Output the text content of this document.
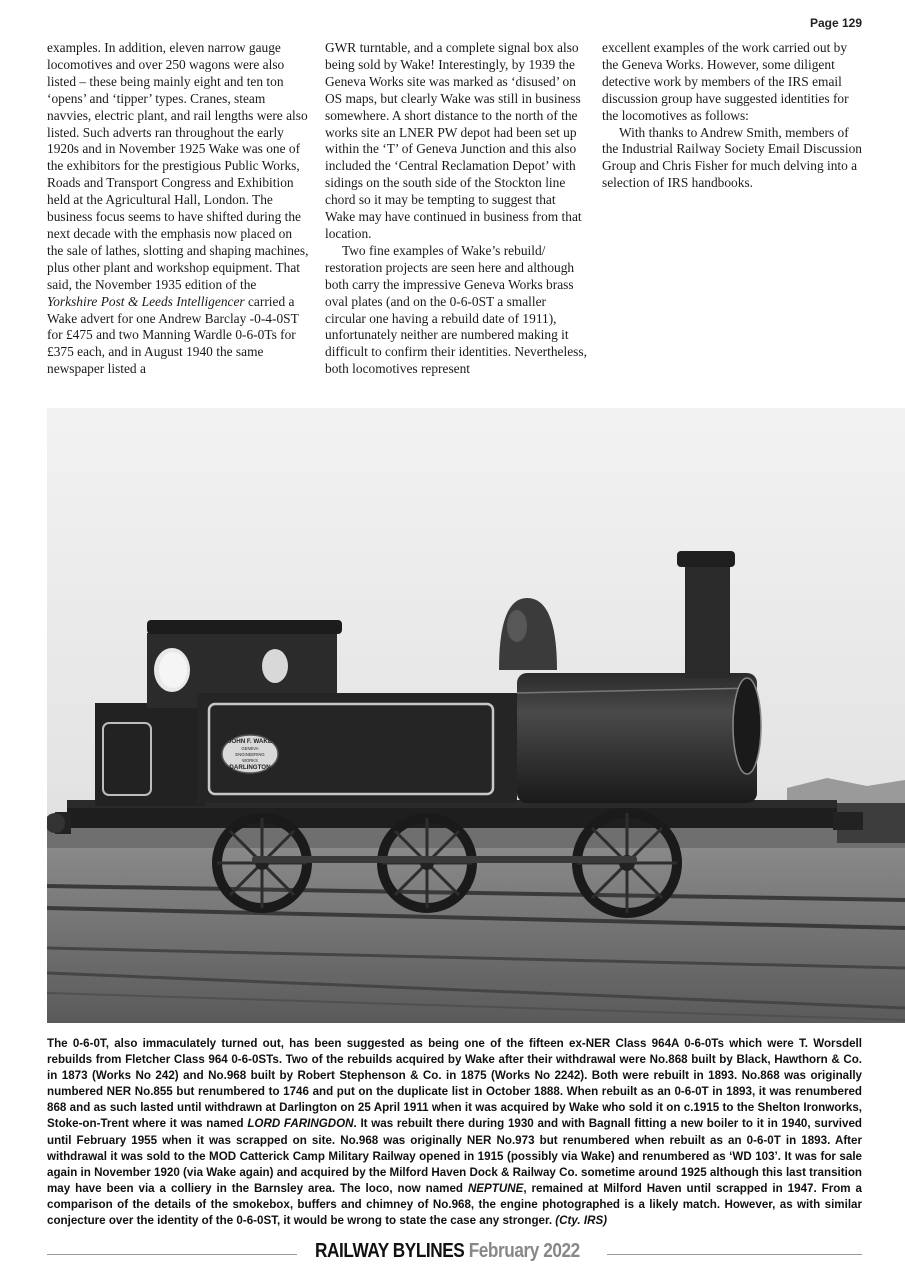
Page 129

examples. In addition, eleven narrow gauge locomotives and over 250 wagons were also listed – these being mainly eight and ten ton ‘opens’ and ‘tipper’ types. Cranes, steam navvies, electric plant, and rail lengths were also listed. Such adverts ran throughout the early 1920s and in November 1925 Wake was one of the exhibitors for the prestigious Public Works, Roads and Transport Congress and Exhibition held at the Agricultural Hall, London. The business focus seems to have shifted during the next decade with the emphasis now placed on the sale of lathes, slotting and shaping machines, plus other plant and workshop equipment. That said, the November 1935 edition of the Yorkshire Post & Leeds Intelligencer carried a Wake advert for one Andrew Barclay -0-4-0ST for £475 and two Manning Wardle 0-6-0Ts for £375 each, and in August 1940 the same newspaper listed a

GWR turntable, and a complete signal box also being sold by Wake! Interestingly, by 1939 the Geneva Works site was marked as ‘disused’ on OS maps, but clearly Wake was still in business somewhere. A short distance to the north of the works site an LNER PW depot had been set up within the ‘T’ of Geneva Junction and this also included the ‘Central Reclamation Depot’ with sidings on the south side of the Stockton line chord so it may be tempting to suggest that Wake may have continued in business from that location.

Two fine examples of Wake’s rebuild/ restoration projects are seen here and although both carry the impressive Geneva Works brass oval plates (and on the 0-6-0ST a smaller circular one having a rebuild date of 1911), unfortunately neither are numbered making it difficult to confirm their identities. Nevertheless, both locomotives represent

excellent examples of the work carried out by the Geneva Works. However, some diligent detective work by members of the IRS email discussion group have suggested identities for the locomotives as follows:

With thanks to Andrew Smith, members of the Industrial Railway Society Email Discussion Group and Chris Fisher for much delving into a selection of IRS handbooks.

JOHN F. WAKE
GENEVA
ENGINEERING
WORKS
DARLINGTON

The 0-6-0T, also immaculately turned out, has been suggested as being one of the fifteen ex-NER Class 964A 0-6-0Ts which were T. Worsdell rebuilds from Fletcher Class 964 0-6-0STs. Two of the rebuilds acquired by Wake after their withdrawal were No.868 built by Black, Hawthorn & Co. in 1873 (Works No 242) and No.968 built by Robert Stephenson & Co. in 1875 (Works No 2242). Both were rebuilt in 1893. No.868 was originally numbered NER No.855 but renumbered to 1746 and put on the duplicate list in October 1888. When rebuilt as an 0-6-0T in 1893, it was renumbered 868 and as such lasted until withdrawn at Darlington on 25 April 1911 when it was acquired by Wake who sold it on c.1915 to the Shelton Ironworks, Stoke-on-Trent where it was named LORD FARINGDON. It was rebuilt there during 1930 and with Bagnall fitting a new boiler to it in 1940, survived until February 1955 when it was scrapped on site. No.968 was originally NER No.973 but renumbered when rebuilt as an 0-6-0T in 1893. After withdrawal it was sold to the MOD Catterick Camp Military Railway opened in 1915 (possibly via Wake) and renumbered as ‘WD 103’. It was for sale again in November 1920 (via Wake again) and acquired by the Milford Haven Dock & Railway Co. sometime around 1925 although this last transition may have been via a colliery in the Barnsley area. The loco, now named NEPTUNE, remained at Milford Haven until scrapped in 1947. From a comparison of the details of the smokebox, buffers and chimney of No.968, the engine photographed is a likely match. However, as with similar conjecture over the identity of the 0-6-0ST, it would be wrong to state the case any stronger. (Cty. IRS)

RAILWAY BYLINES February 2022
